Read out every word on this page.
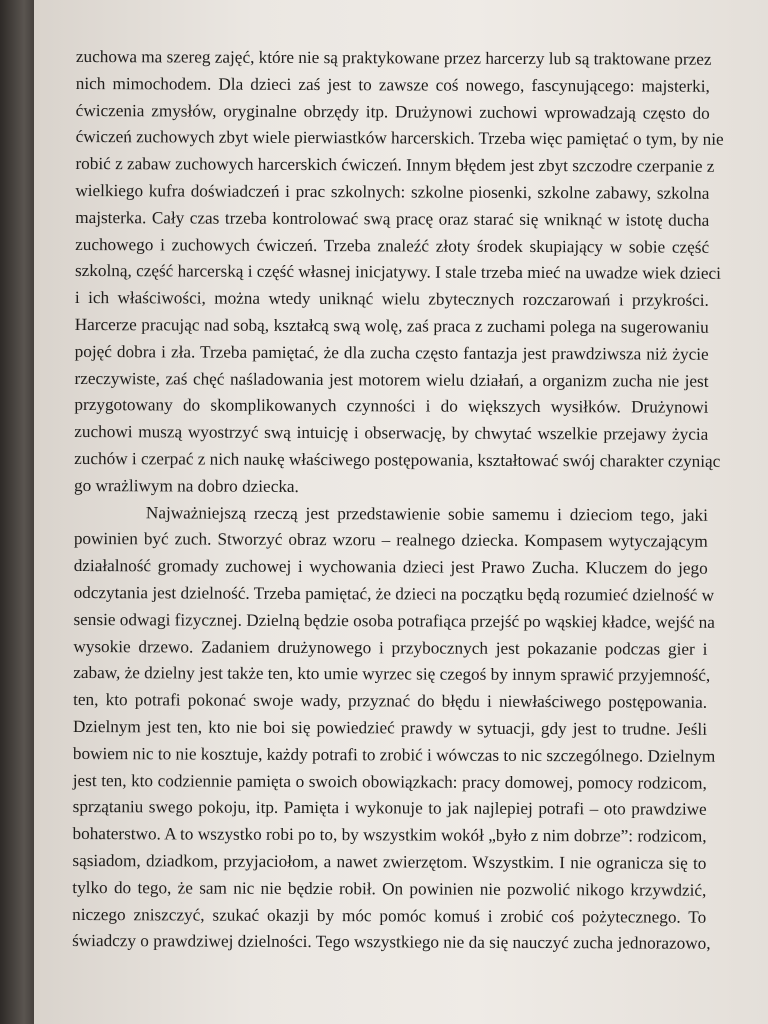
zuchowa ma szereg zajęć, które nie są praktykowane przez harcerzy lub są traktowane przez
nich mimochodem. Dla dzieci zaś jest to zawsze coś nowego, fascynującego: majsterki,
ćwiczenia zmysłów, oryginalne obrzędy itp. Drużynowi zuchowi wprowadzają często do
ćwiczeń zuchowych zbyt wiele pierwiastków harcerskich. Trzeba więc pamiętać o tym, by nie
robić z zabaw zuchowych harcerskich ćwiczeń. Innym błędem jest zbyt szczodre czerpanie z
wielkiego kufra doświadczeń i prac szkolnych: szkolne piosenki, szkolne zabawy, szkolna
majsterka. Cały czas trzeba kontrolować swą pracę oraz starać się wniknąć w istotę ducha
zuchowego i zuchowych ćwiczeń. Trzeba znaleźć złoty środek skupiający w sobie część
szkolną, część harcerską i część własnej inicjatywy. I stale trzeba mieć na uwadze wiek dzieci
i ich właściwości, można wtedy uniknąć wielu zbytecznych rozczarowań i przykrości.
Harcerze pracując nad sobą, kształcą swą wolę, zaś praca z zuchami polega na sugerowaniu
pojęć dobra i zła. Trzeba pamiętać, że dla zucha często fantazja jest prawdziwsza niż życie
rzeczywiste, zaś chęć naśladowania jest motorem wielu działań, a organizm zucha nie jest
przygotowany do skomplikowanych czynności i do większych wysiłków. Drużynowi
zuchowi muszą wyostrzyć swą intuicję i obserwację, by chwytać wszelkie przejawy życia
zuchów i czerpać z nich naukę właściwego postępowania, kształtować swój charakter czyniąc
go wrażliwym na dobro dziecka.
Najważniejszą rzeczą jest przedstawienie sobie samemu i dzieciom tego, jaki
powinien być zuch. Stworzyć obraz wzoru – realnego dziecka. Kompasem wytyczającym
działalność gromady zuchowej i wychowania dzieci jest Prawo Zucha. Kluczem do jego
odczytania jest dzielność. Trzeba pamiętać, że dzieci na początku będą rozumieć dzielność w
sensie odwagi fizycznej. Dzielną będzie osoba potrafiąca przejść po wąskiej kładce, wejść na
wysokie drzewo. Zadaniem drużynowego i przybocznych jest pokazanie podczas gier i
zabaw, że dzielny jest także ten, kto umie wyrzec się czegoś by innym sprawić przyjemność,
ten, kto potrafi pokonać swoje wady, przyznać do błędu i niewłaściwego postępowania.
Dzielnym jest ten, kto nie boi się powiedzieć prawdy w sytuacji, gdy jest to trudne. Jeśli
bowiem nic to nie kosztuje, każdy potrafi to zrobić i wówczas to nic szczególnego. Dzielnym
jest ten, kto codziennie pamięta o swoich obowiązkach: pracy domowej, pomocy rodzicom,
sprzątaniu swego pokoju, itp. Pamięta i wykonuje to jak najlepiej potrafi – oto prawdziwe
bohaterstwo. A to wszystko robi po to, by wszystkim wokół „było z nim dobrze”: rodzicom,
sąsiadom, dziadkom, przyjaciołom, a nawet zwierzętom. Wszystkim. I nie ogranicza się to
tylko do tego, że sam nic nie będzie robił. On powinien nie pozwolić nikogo krzywdzić,
niczego zniszczyć, szukać okazji by móc pomóc komuś i zrobić coś pożytecznego. To
świadczy o prawdziwej dzielności. Tego wszystkiego nie da się nauczyć zucha jednorazowo,
